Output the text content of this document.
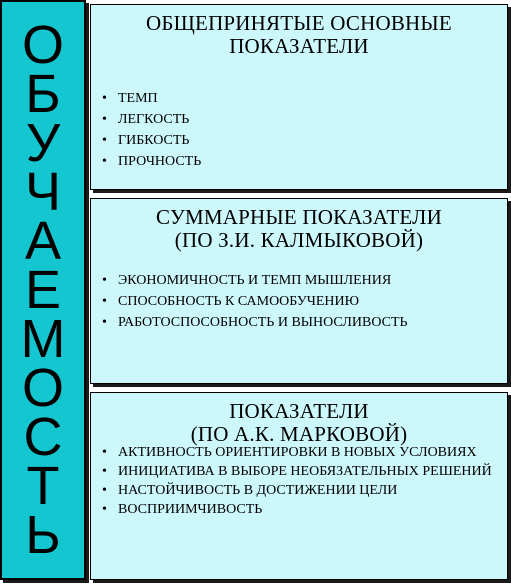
О
Б
У
Ч
А
Е
М
О
С
Т
Ь
ОБЩЕПРИНЯТЫЕ ОСНОВНЫЕ
ПОКАЗАТЕЛИ
• ТЕМП
• ЛЕГКОСТЬ
• ГИБКОСТЬ
• ПРОЧНОСТЬ
СУММАРНЫЕ ПОКАЗАТЕЛИ
(ПО З.И. КАЛМЫКОВОЙ)
• ЭКОНОМИЧНОСТЬ И ТЕМП МЫШЛЕНИЯ
• СПОСОБНОСТЬ К САМООБУЧЕНИЮ
• РАБОТОСПОСОБНОСТЬ И ВЫНОСЛИВОСТЬ
ПОКАЗАТЕЛИ
(ПО А.К. МАРКОВОЙ)
• АКТИВНОСТЬ ОРИЕНТИРОВКИ В НОВЫХ УСЛОВИЯХ
• ИНИЦИАТИВА В ВЫБОРЕ НЕОБЯЗАТЕЛЬНЫХ РЕШЕНИЙ
• НАСТОЙЧИВОСТЬ В ДОСТИЖЕНИИ ЦЕЛИ
• ВОСПРИИМЧИВОСТЬ
